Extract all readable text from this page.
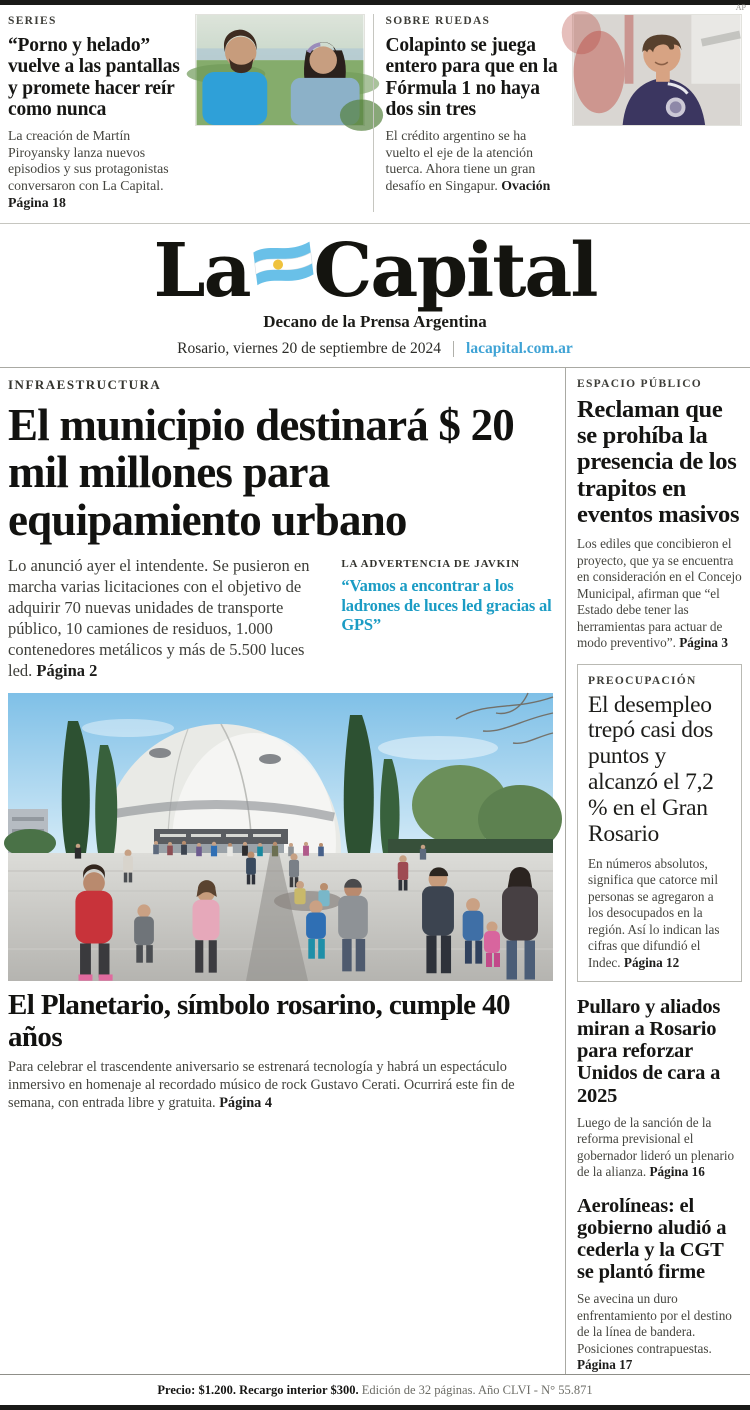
SERIES
“Porno y helado” vuelve a las pantallas y promete hacer reír como nunca
La creación de Martín Piroyansky lanza nuevos episodios y sus protagonistas conversaron con La Capital. Página 18
SOBRE RUEDAS
Colapinto se juega entero para que en la Fórmula 1 no haya dos sin tres
El crédito argentino se ha vuelto el eje de la atención tuerca. Ahora tiene un gran desafío en Singapur. Ovación
AP
La Capital
Decano de la Prensa Argentina
Rosario, viernes 20 de septiembre de 2024 lacapital.com.ar
INFRAESTRUCTURA
El municipio destinará $ 20 mil millones para equipamiento urbano

Lo anunció ayer el intendente. Se pusieron en marcha varias licitaciones con el objetivo de adquirir 70 nuevas unidades de transporte público, 10 camiones de residuos, 1.000 contenedores metálicos y más de 5.500 luces led. Página 2

LA ADVERTENCIA DE JAVKIN
“Vamos a encontrar a los ladrones de luces led gracias al GPS”
El Planetario, símbolo rosarino, cumple 40 años

Para celebrar el trascendente aniversario se estrenará tecnología y habrá un espectáculo inmersivo en homenaje al recordado músico de rock Gustavo Cerati. Ocurrirá este fin de semana, con entrada libre y gratuita. Página 4

ESPACIO PÚBLICO
Reclaman que se prohíba la presencia de los trapitos en eventos masivos

Los ediles que concibieron el proyecto, que ya se encuentra en consideración en el Concejo Municipal, afirman que “el Estado debe tener las herramientas para actuar de modo preventivo”. Página 3

PREOCUPACIÓN
El desempleo trepó casi dos puntos y alcanzó el 7,2 % en el Gran Rosario

En números absolutos, significa que catorce mil personas se agregaron a los desocupados en la región. Así lo indican las cifras que difundió el Indec. Página 12

Pullaro y aliados miran a Rosario para reforzar Unidos de cara a 2025

Luego de la sanción de la reforma previsional el gobernador lideró un plenario de la alianza. Página 16

Aerolíneas: el gobierno aludió a cederla y la CGT se plantó firme

Se avecina un duro enfrentamiento por el destino de la línea de bandera. Posiciones contrapuestas. Página 17

Precio: $1.200. Recargo interior $300. Edición de 32 páginas. Año CLVI - N° 55.871
